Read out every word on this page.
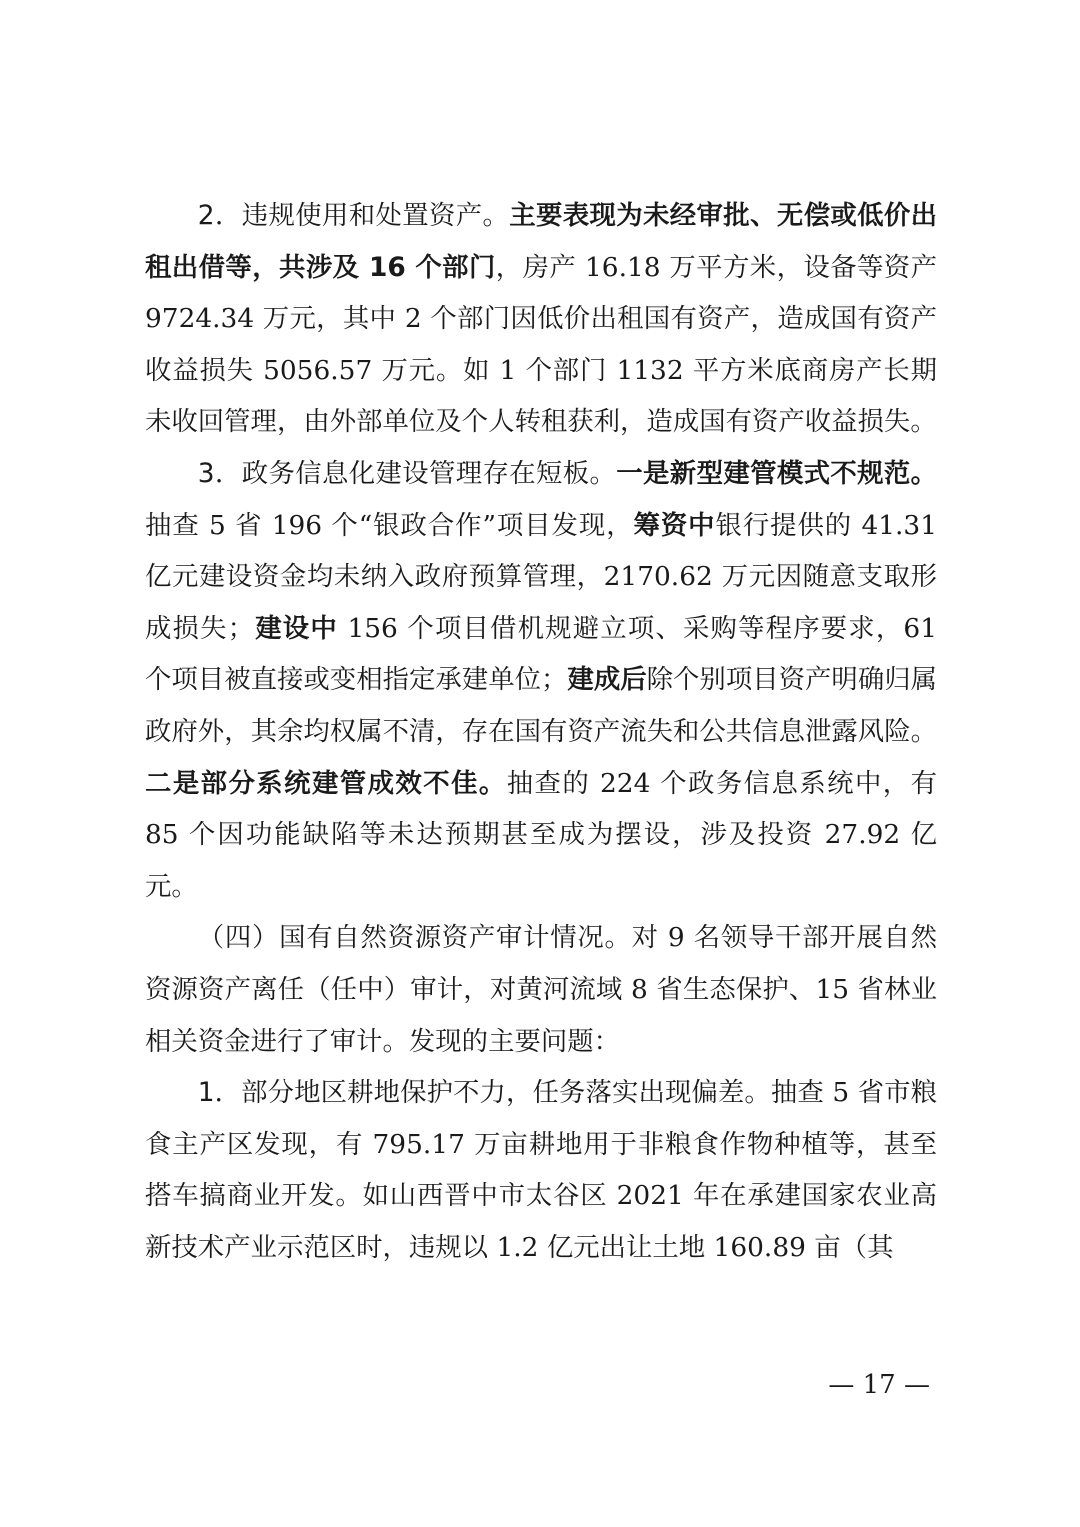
2．违规使用和处置资产。主要表现为未经审批、无偿或低价出租出借等，共涉及 16 个部门，房产 16.18 万平方米，设备等资产 9724.34 万元，其中 2 个部门因低价出租国有资产，造成国有资产收益损失 5056.57 万元。如 1 个部门 1132 平方米底商房产长期未收回管理，由外部单位及个人转租获利，造成国有资产收益损失。

3．政务信息化建设管理存在短板。一是新型建管模式不规范。抽查 5 省 196 个“银政合作”项目发现，筹资中银行提供的 41.31 亿元建设资金均未纳入政府预算管理，2170.62 万元因随意支取形成损失；建设中 156 个项目借机规避立项、采购等程序要求，61 个项目被直接或变相指定承建单位；建成后除个别项目资产明确归属政府外，其余均权属不清，存在国有资产流失和公共信息泄露风险。二是部分系统建管成效不佳。抽查的 224 个政务信息系统中，有 85 个因功能缺陷等未达预期甚至成为摆设，涉及投资 27.92 亿元。

（四）国有自然资源资产审计情况。对 9 名领导干部开展自然资源资产离任（任中）审计，对黄河流域 8 省生态保护、15 省林业相关资金进行了审计。发现的主要问题：

1．部分地区耕地保护不力，任务落实出现偏差。抽查 5 省市粮食主产区发现，有 795.17 万亩耕地用于非粮食作物种植等，甚至搭车搞商业开发。如山西晋中市太谷区 2021 年在承建国家农业高新技术产业示范区时，违规以 1.2 亿元出让土地 160.89 亩（其

— 17 —
